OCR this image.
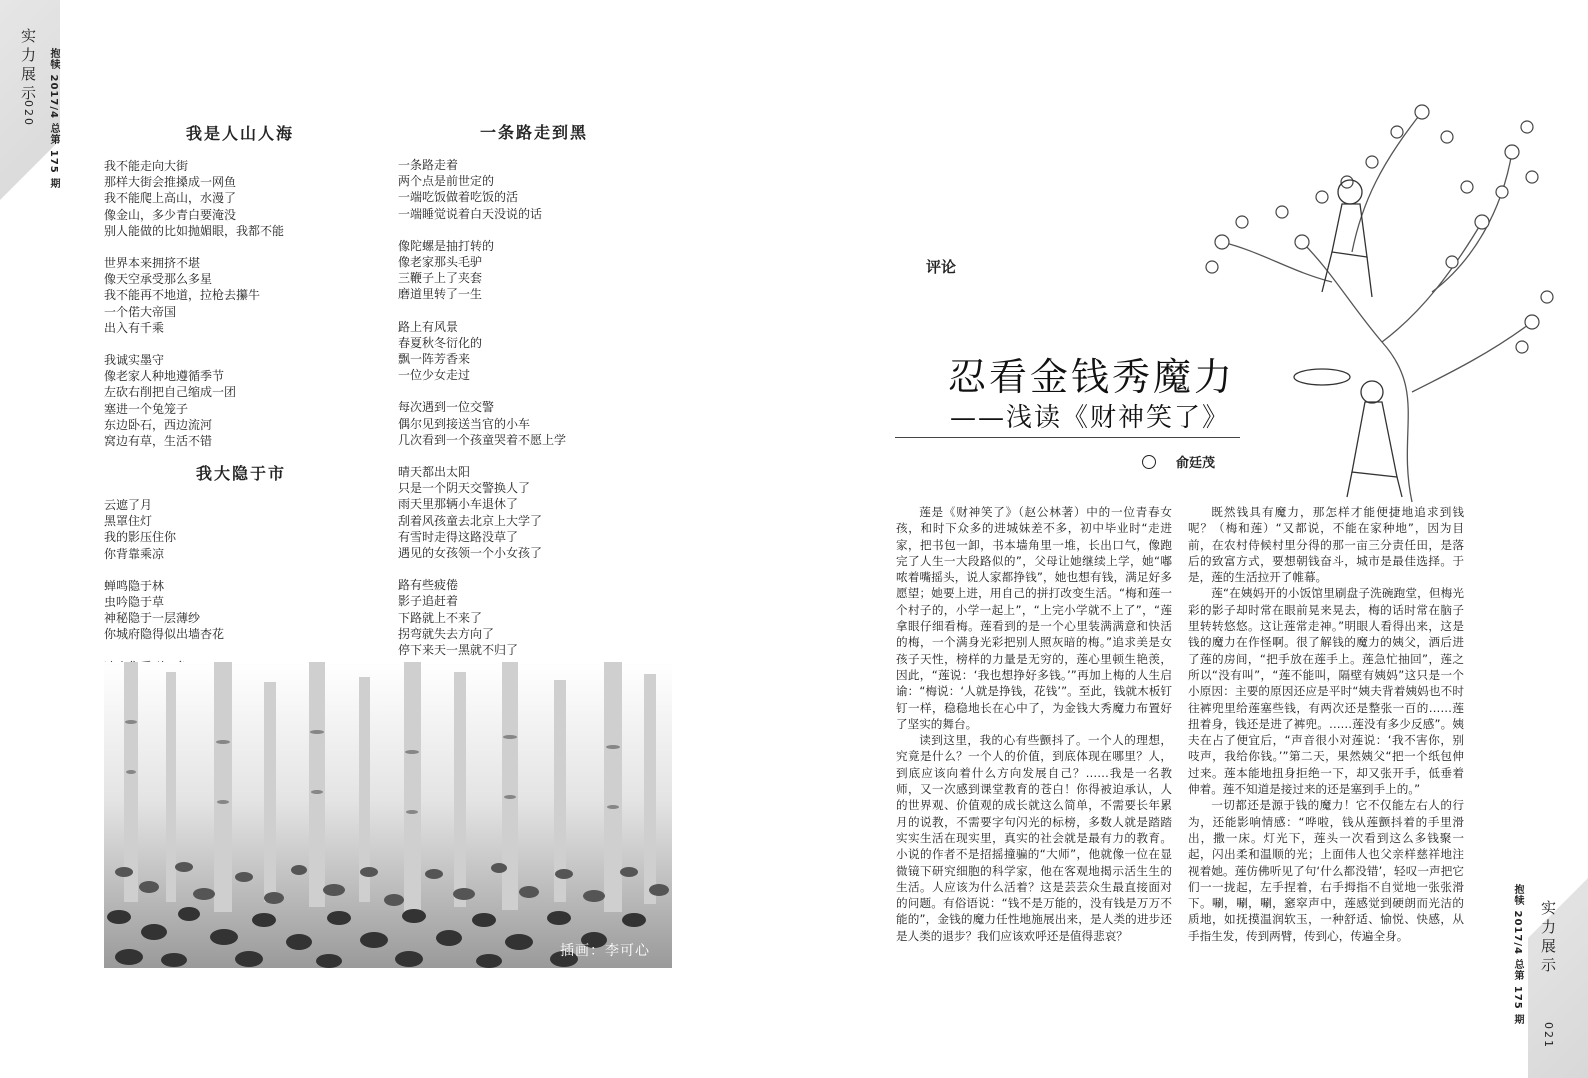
实力展示
020 抱犊 2017/4 总第 175 期	我是人山人海
我不能走向大街
那样大街会推搡成一网鱼
我不能爬上高山，水漫了
像金山，多少青白要淹没
别人能做的比如抛媚眼，我都不能
世界本来拥挤不堪
像天空承受那么多星
我不能再不地道，拉枪去攥牛
一个偌大帝国
出入有千乘
我诚实墨守
像老家人种地遵循季节
左砍右削把自己缩成一团
塞进一个兔笼子
东边卧石，西边流河
窝边有草，生活不错
我大隐于市
云遮了月
黑罩住灯
我的影压住你
你背靠乘凉
蝉鸣隐于林
虫吟隐于草
神秘隐于一层薄纱
你城府隐得似出墙杏花
一条路走到黑
一条路走着
两个点是前世定的
一端吃饭做着吃饭的活
一端睡觉说着白天没说的话
像陀螺是抽打转的
像老家那头毛驴
三鞭子上了夹套
磨道里转了一生
路上有风景
春夏秋冬衍化的
飘一阵芳香来
一位少女走过
每次遇到一位交警
偶尔见到接送当官的小车
几次看到一个孩童哭着不愿上学
晴天都出太阳
只是一个阴天交警换人了
雨天里那辆小车退休了
刮着风孩童去北京上大学了
有雪时走得这路没草了
遇见的女孩领一个小女孩了
路有些疲倦
影子追赶着
下路就上不来了
拐弯就失去方向了
停下来天一黑就不归了
插画：李可心	抱犊 2017/4 总第 175 期 实力展示
021
评论
忍看金钱秀魔力
——浅读《财神笑了》
俞廷茂

莲是《财神笑了》（赵公林著）中的一位青春女孩，和时下众多的进城妹差不多，初中毕业时“走进家，把书包一卸，书本墙角里一堆，长出口气，像跑完了人生一大段路似的”，父母让她继续上学，她“嘟哝着嘴摇头，说人家都挣钱”，她也想有钱，满足好多愿望；她要上进，用自己的拼打改变生活。“梅和莲一个村子的，小学一起上”，“上完小学就不上了”，“莲拿眼仔细看梅。莲看到的是一个心里装满满意和快活的梅，一个满身光彩把别人照灰暗的梅。”追求美是女孩子天性，榜样的力量是无穷的，莲心里顿生艳羡，因此，“莲说：‘我也想挣好多钱。’”再加上梅的人生启谕：“梅说：‘人就是挣钱，花钱’”。至此，钱就木板钉钉一样，稳稳地长在心中了，为金钱大秀魔力布置好了坚实的舞台。

读到这里，我的心有些颤抖了。一个人的理想，究竟是什么？一个人的价值，到底体现在哪里？人，到底应该向着什么方向发展自己？……我是一名教师，又一次感到课堂教育的苍白！你得被迫承认，人的世界观、价值观的成长就这么简单，不需要长年累月的说教，不需要字句闪光的标榜，多数人就是踏踏实实生活在现实里，真实的社会就是最有力的教育。小说的作者不是招摇撞骗的“大师”，他就像一位在显微镜下研究细胞的科学家，他在客观地揭示活生生的生活。人应该为什么活着？这是芸芸众生最直接面对的问题。有俗语说：“钱不是万能的，没有钱是万万不能的”，金钱的魔力任性地施展出来，是人类的进步还是人类的退步？我们应该欢呼还是值得悲哀？

既然钱具有魔力，那怎样才能便捷地追求到钱呢？（梅和莲）“又都说，不能在家种地”，因为目前，在农村侍候村里分得的那一亩三分责任田，是落后的致富方式，要想朝钱奋斗，城市是最佳选择。于是，莲的生活拉开了帷幕。

莲“在姨妈开的小饭馆里刷盘子洗碗跑堂，但梅光彩的影子却时常在眼前晃来晃去，梅的话时常在脑子里转转悠悠。这让莲常走神。”明眼人看得出来，这是钱的魔力在作怪啊。很了解钱的魔力的姨父，酒后进了莲的房间，“把手放在莲手上。莲急忙抽回”，莲之所以“没有叫”，“莲不能叫，隔壁有姨妈”这只是一个小原因：主要的原因还应是平时“姨夫背着姨妈也不时往裤兜里给莲塞些钱，有两次还是整张一百的……莲扭着身，钱还是进了裤兜。……莲没有多少反感”。姨夫在占了便宜后，“声音很小对莲说：‘我不害你，别吱声，我给你钱。’”第二天，果然姨父“把一个纸包伸过来。莲本能地扭身拒绝一下，却又张开手，低垂着伸着。莲不知道是接过来的还是塞到手上的。”

一切都还是源于钱的魔力！它不仅能左右人的行为，还能影响情感：“哗啦，钱从莲颤抖着的手里滑出，撒一床。灯光下，莲头一次看到这么多钱聚一起，闪出柔和温顺的光；上面伟人也父亲样慈祥地注视着她。莲仿佛听见了句‘什么都没错’，轻叹一声把它们一一拢起，左手捏着，右手拇指不自觉地一张张滑下。唰，唰，唰，窸窣声中，莲感觉到硬朗而光洁的质地，如抚摸温润软玉，一种舒适、愉悦、快感，从手指生发，传到两臂，传到心，传遍全身。
